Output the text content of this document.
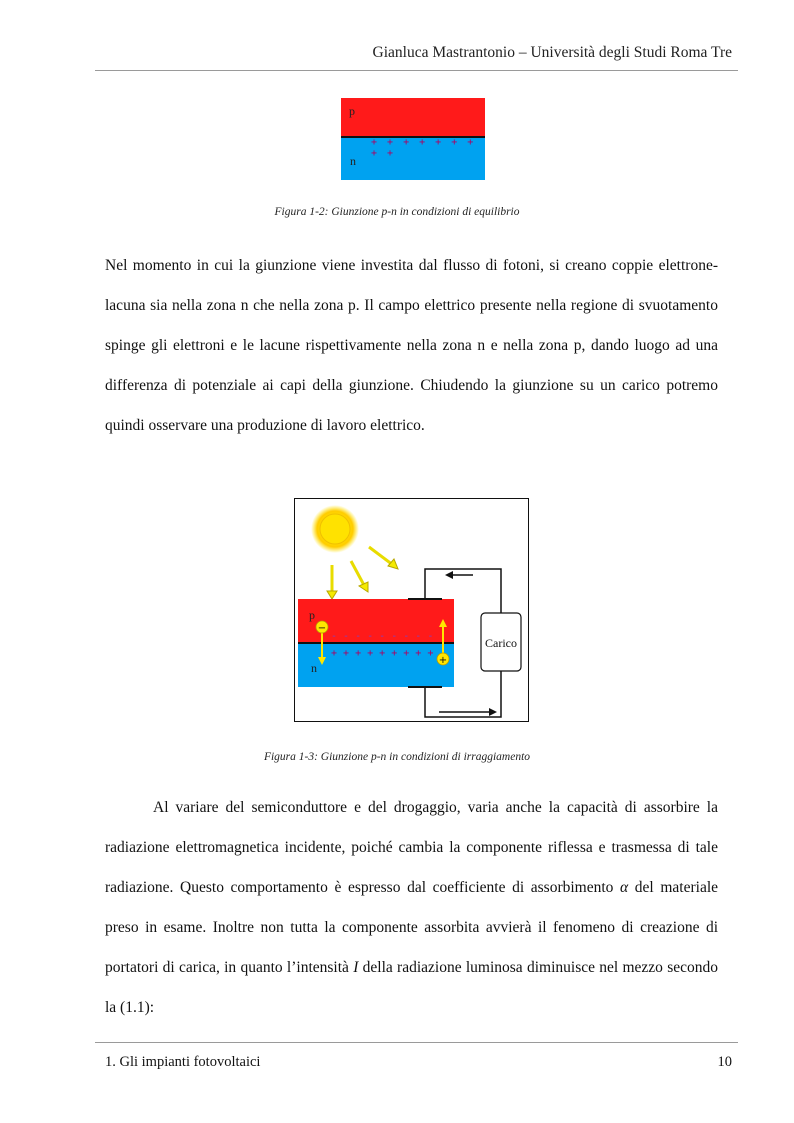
Gianluca Mastrantonio – Università degli Studi Roma Tre
p
n
+ + + + + + + + +
Figura 1-2: Giunzione p-n in condizioni di equilibrio

Nel momento in cui la giunzione viene investita dal flusso di fotoni, si creano coppie elettrone-lacuna sia nella zona n che nella zona p. Il campo elettrico presente nella regione di svuotamento spinge gli elettroni e le lacune rispettivamente nella zona n e nella zona p, dando luogo ad una differenza di potenziale ai capi della giunzione. Chiudendo la giunzione su un carico potremo quindi osservare una produzione di lavoro elettrico.

Carico
p
n
- - - - - - - - -
+ + + + + + + + +
−
+
Figura 1-3: Giunzione p-n in condizioni di irraggiamento

Al variare del semiconduttore e del drogaggio, varia anche la capacità di assorbire la radiazione elettromagnetica incidente, poiché cambia la componente riflessa e trasmessa di tale radiazione. Questo comportamento è espresso dal coefficiente di assorbimento α del materiale preso in esame. Inoltre non tutta la componente assorbita avvierà il fenomeno di creazione di portatori di carica, in quanto l’intensità I della radiazione luminosa diminuisce nel mezzo secondo la (1.1):

1. Gli impianti fotovoltaici	10
